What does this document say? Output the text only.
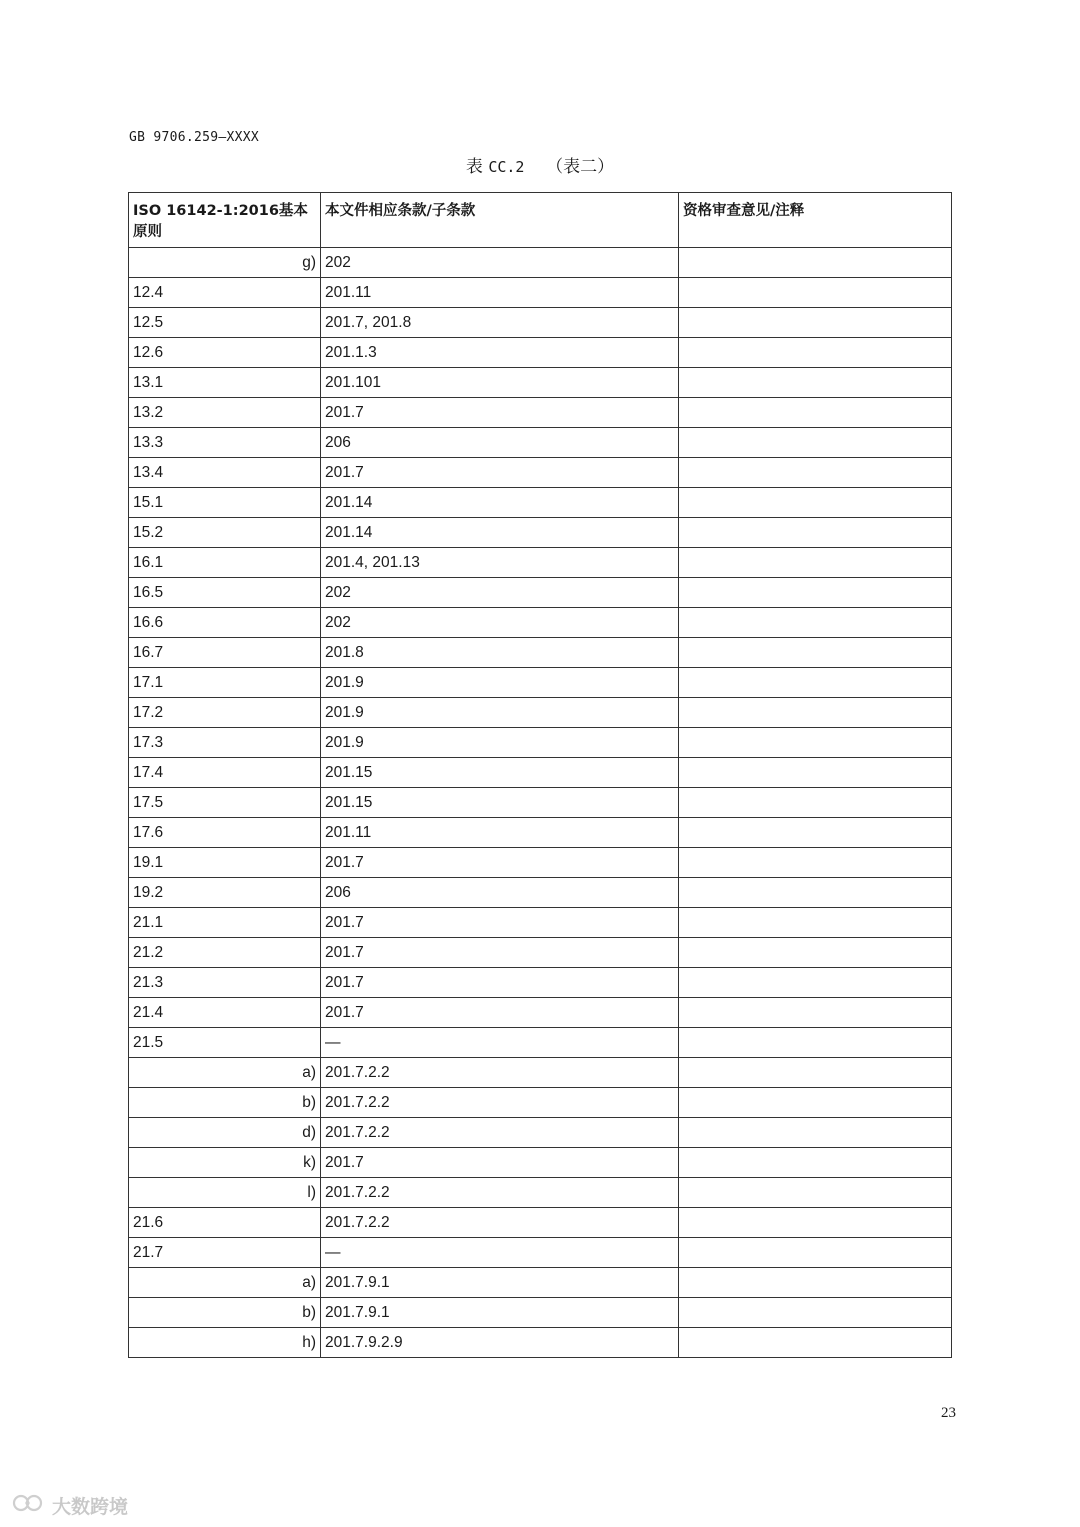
GB 9706.259—XXXX
表 CC.2 （表二）
ISO 16142-1:2016基本原则	本文件相应条款/子条款	资格审查意见/注释
g)	202	
12.4	201.11	
12.5	201.7, 201.8	
12.6	201.1.3	
13.1	201.101	
13.2	201.7	
13.3	206	
13.4	201.7	
15.1	201.14	
15.2	201.14	
16.1	201.4, 201.13	
16.5	202	
16.6	202	
16.7	201.8	
17.1	201.9	
17.2	201.9	
17.3	201.9	
17.4	201.15	
17.5	201.15	
17.6	201.11	
19.1	201.7	
19.2	206	
21.1	201.7	
21.2	201.7	
21.3	201.7	
21.4	201.7	
21.5	—	
a)	201.7.2.2	
b)	201.7.2.2	
d)	201.7.2.2	
k)	201.7	
l)	201.7.2.2	
21.6	201.7.2.2	
21.7	—	
a)	201.7.9.1	
b)	201.7.9.1	
h)	201.7.9.2.9	
23
大数跨境
